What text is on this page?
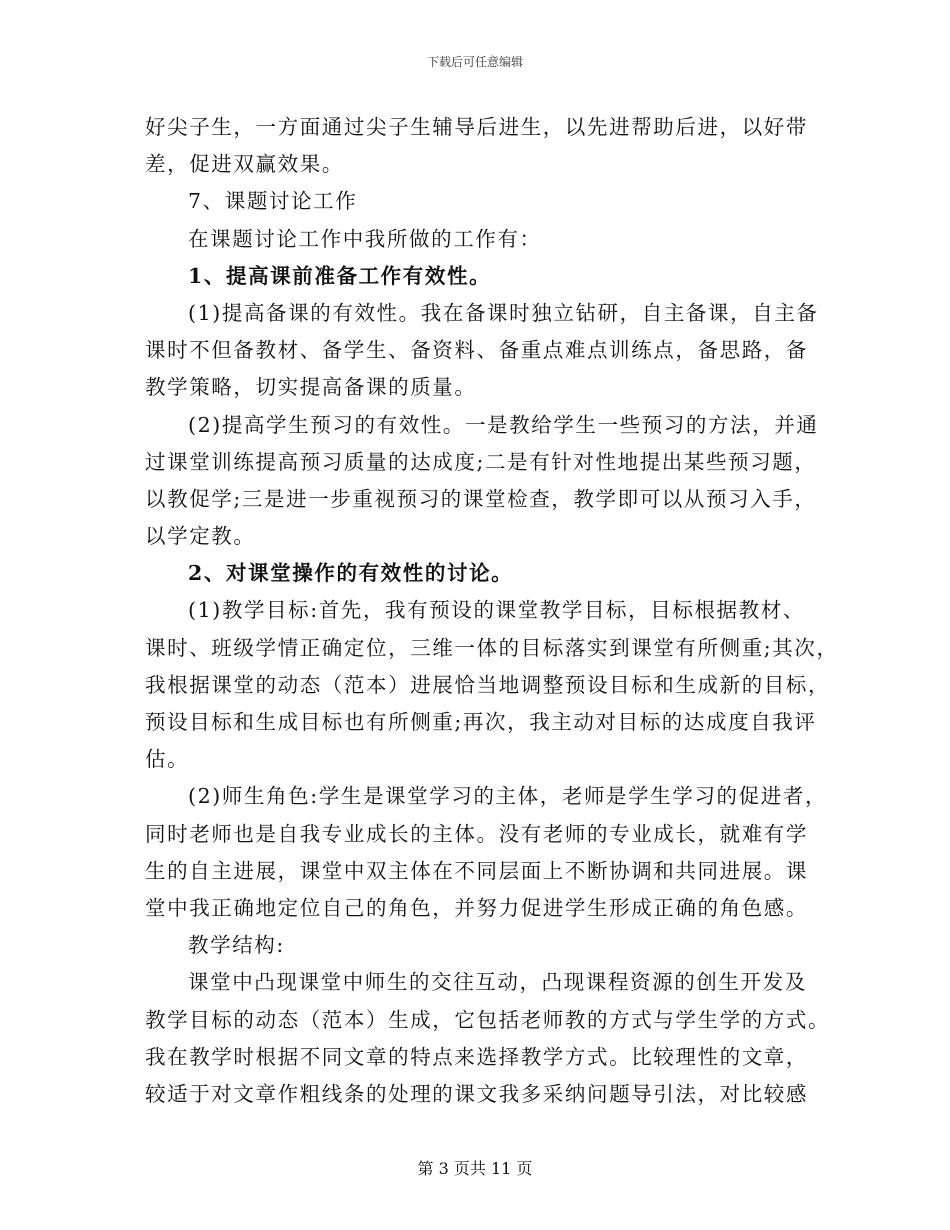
下载后可任意编辑
好尖子生，一方面通过尖子生辅导后进生，以先进帮助后进，以好带
差，促进双赢效果。
7、课题讨论工作
在课题讨论工作中我所做的工作有：
1、提高课前准备工作有效性。
(1)提高备课的有效性。我在备课时独立钻研，自主备课，自主备
课时不但备教材、备学生、备资料、备重点难点训练点，备思路，备
教学策略，切实提高备课的质量。
(2)提高学生预习的有效性。一是教给学生一些预习的方法，并通
过课堂训练提高预习质量的达成度;二是有针对性地提出某些预习题，
以教促学;三是进一步重视预习的课堂检查，教学即可以从预习入手，
以学定教。
2、对课堂操作的有效性的讨论。
(1)教学目标:首先，我有预设的课堂教学目标，目标根据教材、
课时、班级学情正确定位，三维一体的目标落实到课堂有所侧重;其次，
我根据课堂的动态（范本）进展恰当地调整预设目标和生成新的目标，
预设目标和生成目标也有所侧重;再次，我主动对目标的达成度自我评
估。
(2)师生角色:学生是课堂学习的主体，老师是学生学习的促进者，
同时老师也是自我专业成长的主体。没有老师的专业成长，就难有学
生的自主进展，课堂中双主体在不同层面上不断协调和共同进展。课
堂中我正确地定位自己的角色，并努力促进学生形成正确的角色感。
教学结构:
课堂中凸现课堂中师生的交往互动，凸现课程资源的创生开发及
教学目标的动态（范本）生成，它包括老师教的方式与学生学的方式。
我在教学时根据不同文章的特点来选择教学方式。比较理性的文章，
较适于对文章作粗线条的处理的课文我多采纳问题导引法，对比较感
第 3 页共 11 页
